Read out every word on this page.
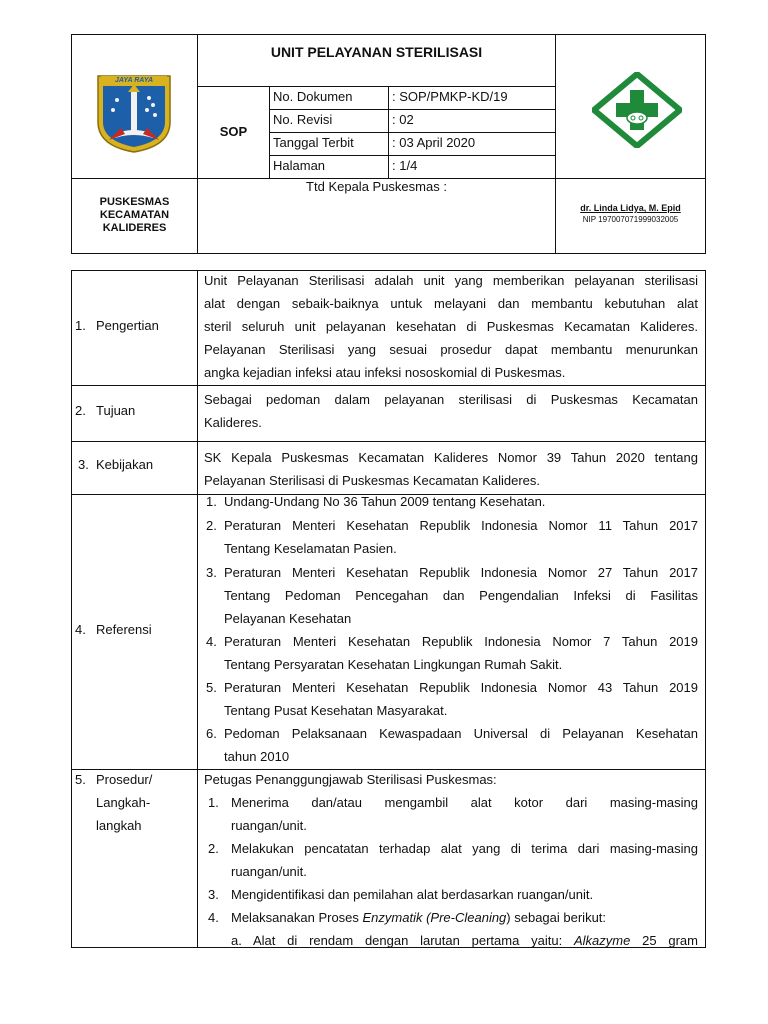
JAYA RAYA
UNIT PELAYANAN STERILISASI
SOP
No. Dokumen	: SOP/PMKP-KD/19
No. Revisi	: 02
Tanggal Terbit	: 03 April 2020
Halaman	: 1/4
PUSKESMAS
KECAMATAN
KALIDERES
Ttd Kepala Puskesmas :
dr. Linda Lidya, M. Epid
NIP 197007071999032005
1. Pengertian
Unit Pelayanan Sterilisasi adalah unit yang memberikan pelayanan sterilisasi
alat dengan sebaik-baiknya untuk melayani dan membantu kebutuhan alat
steril seluruh unit pelayanan kesehatan di Puskesmas Kecamatan Kalideres.
Pelayanan Sterilisasi yang sesuai prosedur dapat membantu menurunkan
angka kejadian infeksi atau infeksi nososkomial di Puskesmas.
2. Tujuan
Sebagai pedoman dalam pelayanan sterilisasi di Puskesmas Kecamatan
Kalideres.
3. Kebijakan	SK Kepala Puskesmas Kecamatan Kalideres Nomor 39 Tahun 2020 tentang
Pelayanan Sterilisasi di Puskesmas Kecamatan Kalideres.
4. Referensi
1. Undang-Undang No 36 Tahun 2009 tentang Kesehatan.
2. Peraturan Menteri Kesehatan Republik Indonesia Nomor 11 Tahun 2017
Tentang Keselamatan Pasien.
3. Peraturan Menteri Kesehatan Republik Indonesia Nomor 27 Tahun 2017
Tentang Pedoman Pencegahan dan Pengendalian Infeksi di Fasilitas
Pelayanan Kesehatan
4. Peraturan Menteri Kesehatan Republik Indonesia Nomor 7 Tahun 2019
Tentang Persyaratan Kesehatan Lingkungan Rumah Sakit.
5. Peraturan Menteri Kesehatan Republik Indonesia Nomor 43 Tahun 2019
Tentang Pusat Kesehatan Masyarakat.
6. Pedoman Pelaksanaan Kewaspadaan Universal di Pelayanan Kesehatan
tahun 2010
5. Prosedur/
Langkah-
langkah
Petugas Penanggungjawab Sterilisasi Puskesmas:
1. Menerima dan/atau mengambil alat kotor dari masing-masing
ruangan/unit.
2. Melakukan pencatatan terhadap alat yang di terima dari masing-masing
ruangan/unit.
3. Mengidentifikasi dan pemilahan alat berdasarkan ruangan/unit.
4. Melaksanakan Proses Enzymatik (Pre-Cleaning) sebagai berikut:
a. Alat di rendam dengan larutan pertama yaitu: Alkazyme 25 gram
